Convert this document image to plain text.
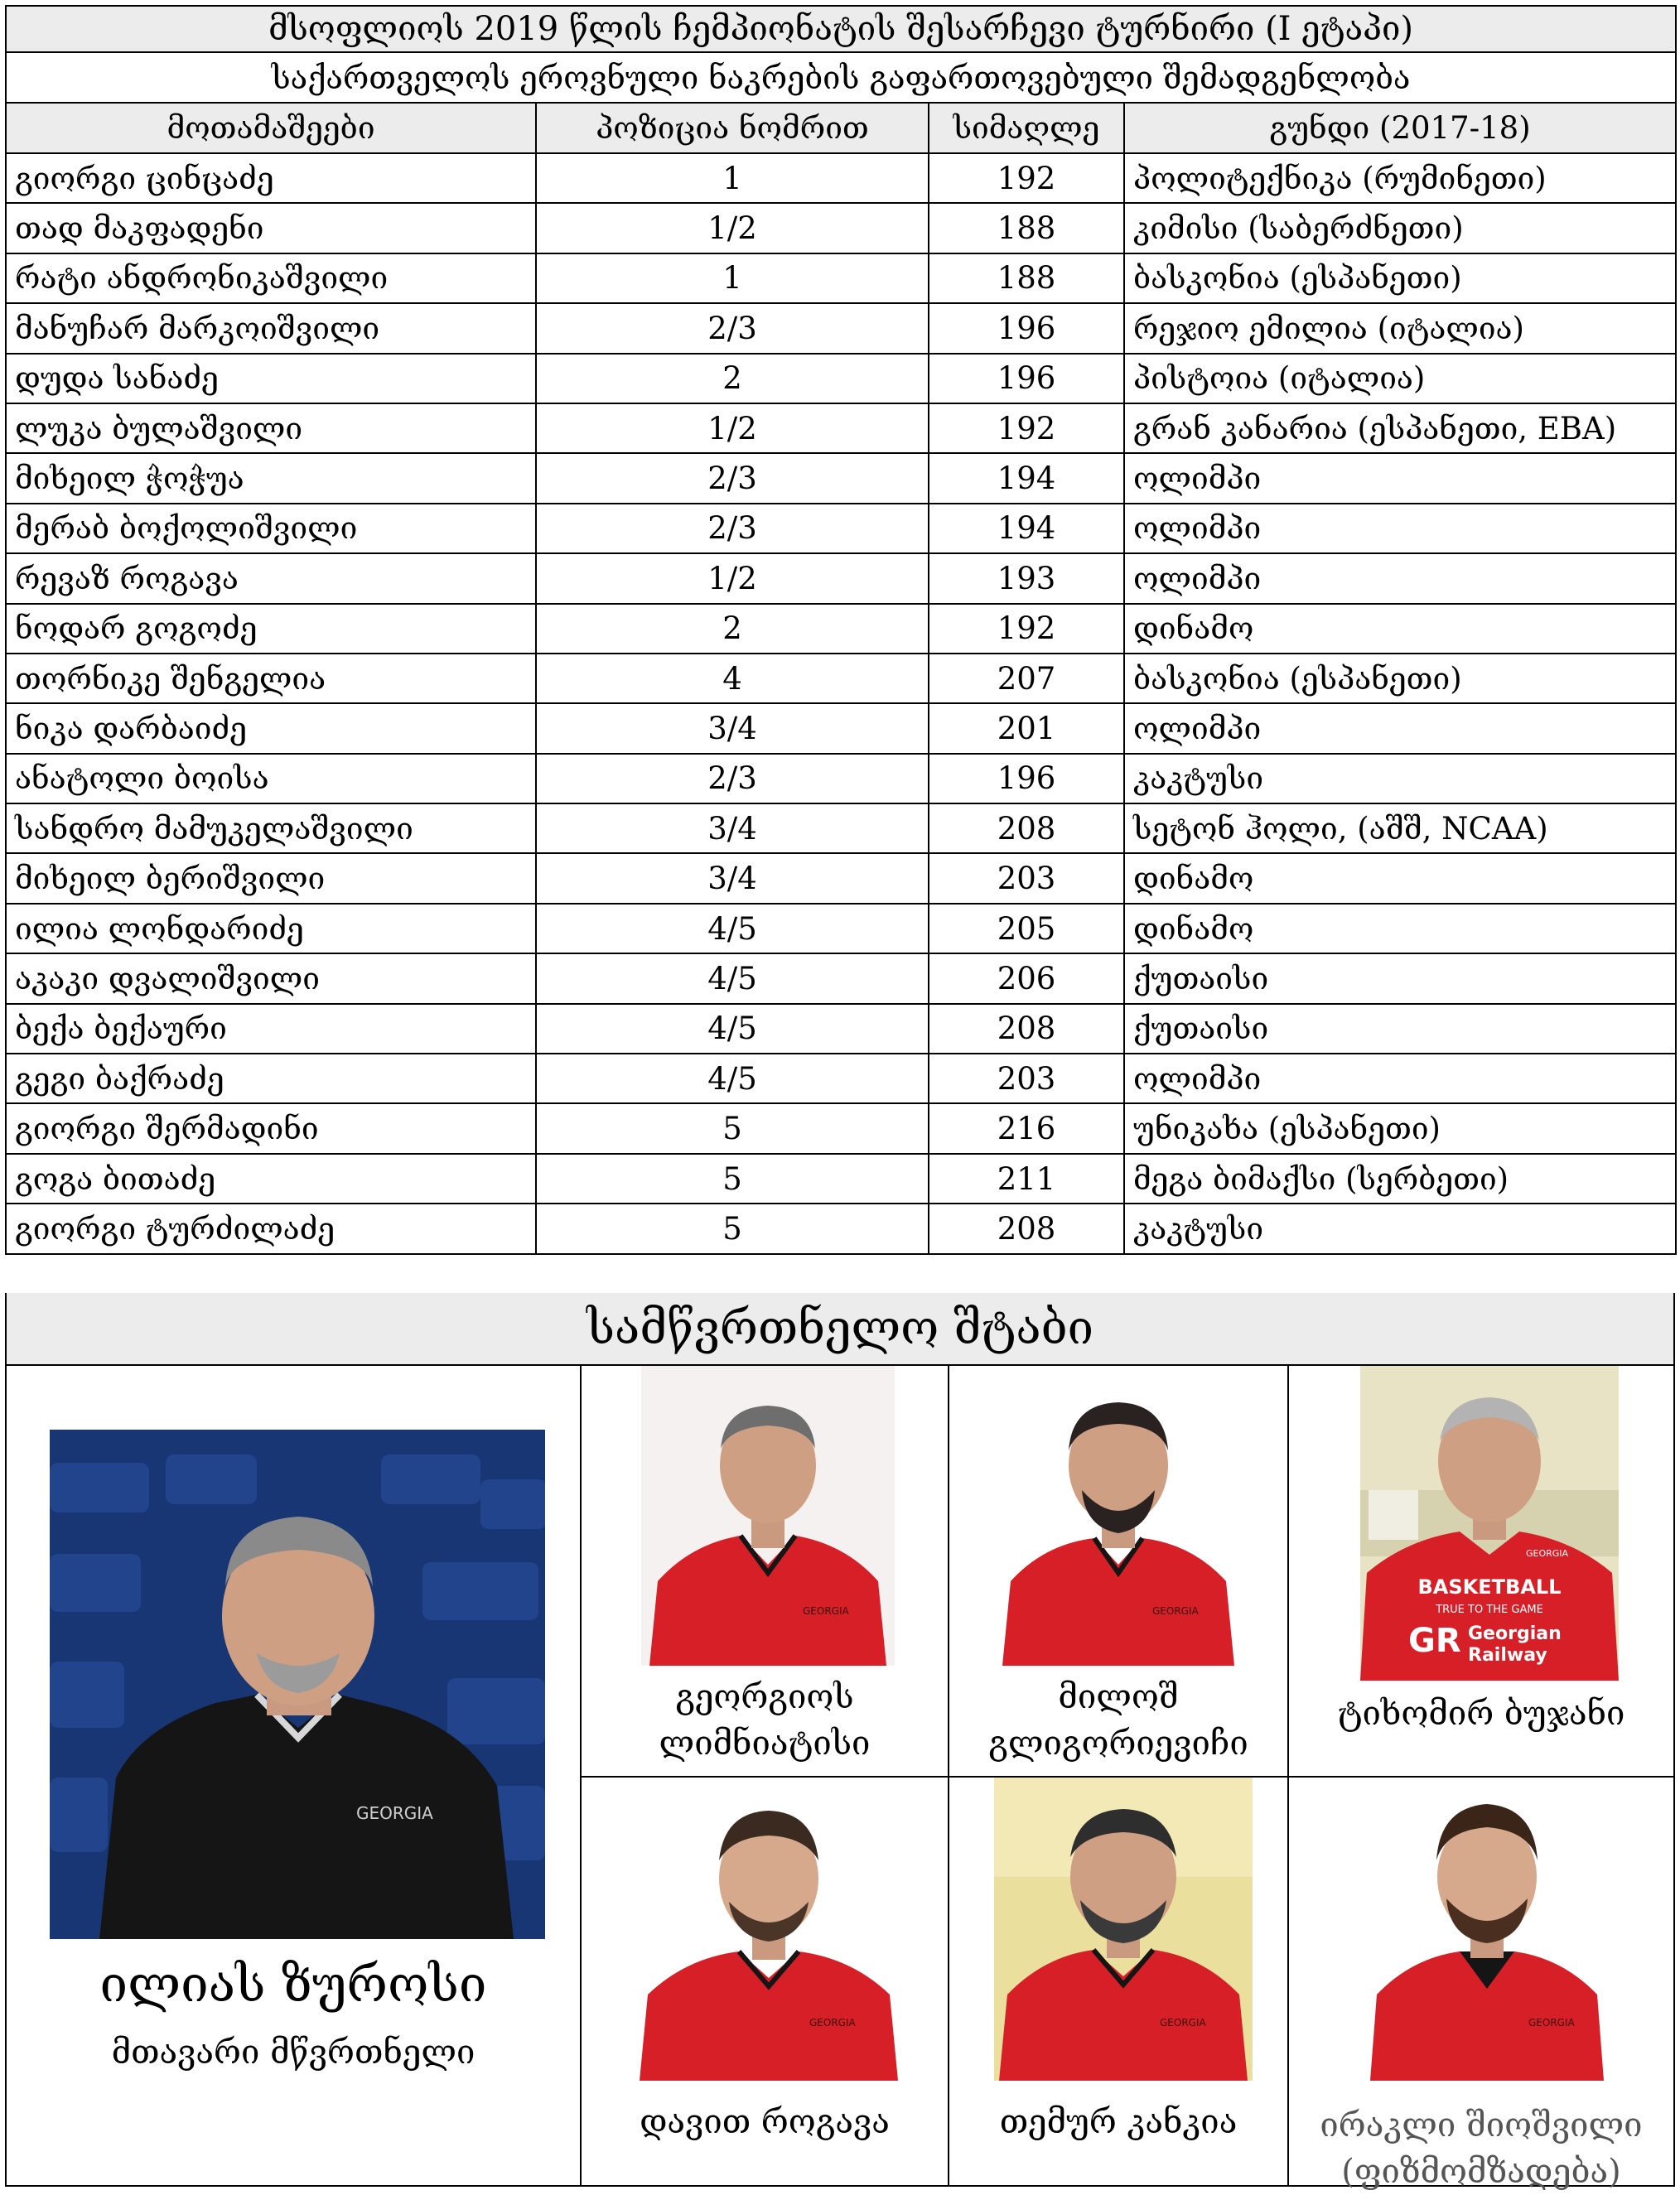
მსოფლიოს 2019 წლის ჩემპიონატის შესარჩევი ტურნირი (I ეტაპი)			
საქართველოს ეროვნული ნაკრების გაფართოვებული შემადგენლობა			
მოთამაშეები	პოზიცია ნომრით	სიმაღლე	გუნდი (2017-18)
გიორგი ცინცაძე	1	192	პოლიტექნიკა (რუმინეთი)
თად მაკფადენი	1/2	188	კიმისი (საბერძნეთი)
რატი ანდრონიკაშვილი	1	188	ბასკონია (ესპანეთი)
მანუჩარ მარკოიშვილი	2/3	196	რეჯიო ემილია (იტალია)
დუდა სანაძე	2	196	პისტოია (იტალია)
ლუკა ბულაშვილი	1/2	192	გრან კანარია (ესპანეთი, EBA)
მიხეილ ჭოჭუა	2/3	194	ოლიმპი
მერაბ ბოქოლიშვილი	2/3	194	ოლიმპი
რევაზ როგავა	1/2	193	ოლიმპი
ნოდარ გოგოძე	2	192	დინამო
თორნიკე შენგელია	4	207	ბასკონია (ესპანეთი)
ნიკა დარბაიძე	3/4	201	ოლიმპი
ანატოლი ბოისა	2/3	196	კაკტუსი
სანდრო მამუკელაშვილი	3/4	208	სეტონ ჰოლი, (აშშ, NCAA)
მიხეილ ბერიშვილი	3/4	203	დინამო
ილია ლონდარიძე	4/5	205	დინამო
აკაკი დვალიშვილი	4/5	206	ქუთაისი
ბექა ბექაური	4/5	208	ქუთაისი
გეგი ბაქრაძე	4/5	203	ოლიმპი
გიორგი შერმადინი	5	216	უნიკახა (ესპანეთი)
გოგა ბითაძე	5	211	მეგა ბიმაქსი (სერბეთი)
გიორგი ტურძილაძე	5	208	კაკტუსი
სამწვრთნელო შტაბი
GEORGIA
ილიას ზუროსი
მთავარი მწვრთნელი
GEORGIA
გეორგიოს
ლიმნიატისი
GEORGIA
მილოშ
გლიგორიევიჩი
BASKETBALL
TRUE TO THE GAME
GR Georgian
Railway
GEORGIA
ტიხომირ ბუჯანი
GEORGIA
დავით როგავა
GEORGIA
თემურ კანკია
GEORGIA
ირაკლი შიოშვილი
(ფიზმომზადება)
